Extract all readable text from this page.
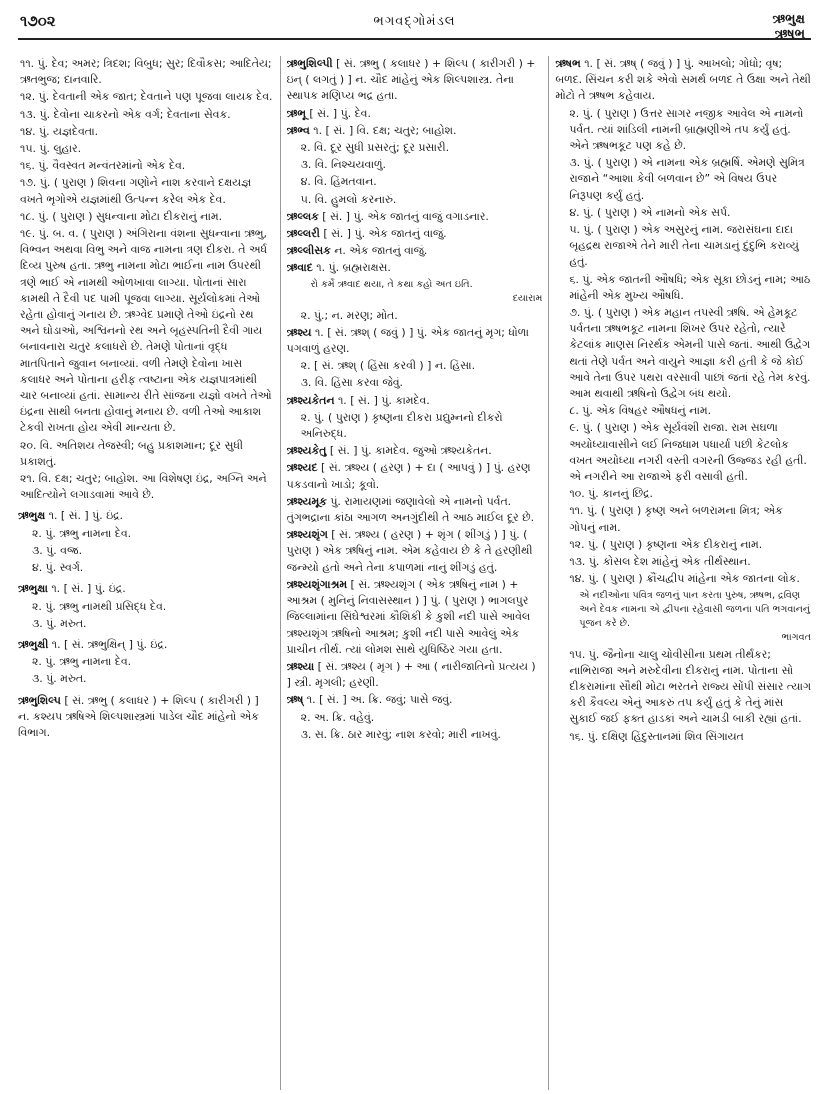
૧૭૦૨	ભગવદ્ગોમંડલ	ઋભુક્ષ
ઋષભ
૧૧. પું. દેવ; અમર; ત્રિદશ; વિબુધ; સુર; દિવૌકસ; આદિતેય; ઋતભુજ; દાનવારિ.
૧૨. પું. દેવતાની એક જાત; દેવતાને પણ પૂજવા લાયક દેવ.
૧૩. પું. દેવોના ચાકરનો એક વર્ગ; દેવતાના સેવક.
૧૪. પું. યજ્ઞદેવતા.
૧૫. પું. લુહાર.
૧૬. પું. વૈવસ્વત મન્વંતરમાંનો એક દેવ.
૧૭. પું. ( પુરાણ ) શિવના ગણોને નાશ કરવાને દક્ષયજ્ઞ વખતે ભૃગોએ યજ્ઞમાંથી ઉત્પન્ન કરેલ એક દેવ.
૧૮. પું. ( પુરાણ ) સુધન્વાના મોટા દીકરાનું નામ.
૧૯. પું. બ. વ. ( પુરાણ ) અંગિરાના વંશના સુધન્વાના ઋભુ, વિભ્વન અથવા વિભુ અને વાજ નામના ત્રણ દીકરા. તે અર્ધ દિવ્ય પુરુષ હતા. ઋભુ નામના મોટા ભાઈના નામ ઉપરથી ત્રણે ભાઈ એ નામથી ઓળખાવા લાગ્યા. પોતાનાં સારા કામથી તે દૈવી પદ પામી પૂજવા લાગ્યા. સૂર્યલોકમાં તેઓ રહેતા હોવાનું ગનાય છે. ઋગ્વેદ પ્રમાણે તેઓ ઇંદ્રનો રથ અને ઘોડાઓ, અશ્વિનનો રથ અને બૃહસ્પતિની દૈવી ગાય બનાવનારા ચતુર કલાધરો છે. તેમણે પોતાનાં વૃદ્ધ માતપિતાને જુવાન બનાવ્યાં. વળી તેમણે દેવોના ખાસ કલાધર અને પોતાના હરીફ ત્વષ્ટાના એક યજ્ઞપાત્રમાંથી ચાર બનાવ્યાં હતાં. સામાન્ય રીતે સાંજના યજ્ઞો વખતે તેઓ ઇંદ્રના સાથી બનતા હોવાનું મનાય છે. વળી તેઓ આકાશ ટેકવી રાખતા હોય એવી માન્યતા છે.
૨૦. વિ. અતિશય તેજસ્વી; બહુ પ્રકાશમાન; દૂર સુધી પ્રકાશતું.
૨૧. વિ. દક્ષ; ચતુર; બાહોશ. આ વિશેષણ ઇંદ્ર, અગ્નિ અને આદિત્યોને લગાડવામાં આવે છે.
ઋભુક્ષ ૧. [ સં. ] પું. ઇંદ્ર.
૨. પું. ઋભુ નામના દેવ.
૩. પું. વજ્ર.
૪. પું. સ્વર્ગ.
ઋભુક્ષા ૧. [ સં. ] પું. ઇંદ્ર.
૨. પું. ઋભુ નામથી પ્રસિદ્ધ દેવ.
૩. પું. મરુત.
ઋભુક્ષી ૧. [ સં. ઋભુક્ષિન્ ] પું. ઇંદ્ર.
૨. પું. ઋભુ નામના દેવ.
૩. પું. મરુત.
ઋભુશિલ્પ [ સં. ઋભુ ( કલાધર ) + શિલ્પ ( કારીગરી ) ] ન. કશ્યપ ઋષિએ શિલ્પશાસ્ત્રમાં પાડેલ ચૌદ માંહેનો એક વિભાગ.
ઋભુશિલ્પી [ સં. ઋભુ ( કલાધર ) + શિલ્પ ( કારીગરી ) + ઇન્ ( લગતું ) ] ન. ચૌદ માંહેનું એક શિલ્પશાસ્ત્ર. તેના સ્થાપક મણિપ્ય ભદ્ર હતા.
ઋભૂ [ સં. ] પું. દેવ.
ઋભ્વ ૧. [ સં. ] વિ. દક્ષ; ચતુર; બાહોશ.
૨. વિ. દૂર સુધી પ્રસરતું; દૂર પ્રસારી.
૩. વિ. નિશ્ચયવાળું.
૪. વિ. હિંમતવાન.
૫. વિ. હુમલો કરનારું.
ઋલ્લક [ સં. ] પું. એક જાતનું વાજું વગાડનાર.
ઋલ્લરી [ સં. ] પું. એક જાતનું વાજું.
ઋલ્લીસક ન. એક જાતનું વાજું.
ઋવાદ ૧. પું. બ્રહ્મરાક્ષસ.
રો કર્મે ઋવાદ થયા, તે કથા કહો અત ઇતિ.
દયારામ
૨. પું.; ન. મરણ; મોત.
ઋશ્ય ૧. [ સં. ઋશ્ ( જવું ) ] પું. એક જાતનું મૃગ; ધોળા પગવાળું હરણ.
૨. [ સં. ઋશ્ ( હિંસા કરવી ) ] ન. હિંસા.
૩. વિ. હિંસા કરવા જેવું.
ઋશ્યકેતન ૧. [ સં. ] પું. કામદેવ.
૨. પું. ( પુરાણ ) કૃષ્ણના દીકરા પ્રદ્યુમ્નનો દીકરો અનિરુદ્ધ.
ઋશ્યકેતુ [ સં. ] પું. કામદેવ. જુઓ ઋશ્યકેતન.
ઋશ્યદ [ સં. ઋશ્ય ( હરણ ) + દા ( આપવું ) ] પું. હરણ પકડવાનો ખાડો; કૂવો.
ઋશ્યમૂક પું. રામાયણમાં જણાવેલો એ નામનો પર્વત. તુંગભદ્રાના કાંઠા આગળ અનગુંદીથી તે આઠ માઈલ દૂર છે.
ઋશ્યશૃંગ [ સં. ઋશ્ય ( હરણ ) + શૃંગ ( શીંગડું ) ] પું. ( પુરાણ ) એક ઋષિનું નામ. એમ કહેવાય છે કે તે હરણીથી જન્મ્યો હતો અને તેના કપાળમાં નાનું શીંગડું હતું.
ઋશ્યશૃંગાશ્રમ [ સં. ઋશ્યશૃંગ ( એક ઋષિનું નામ ) + આશ્રમ ( મુનિનું નિવાસસ્થાન ) ] પું. ( પુરાણ ) ભાગલપુર જિલ્લામાંના સિંઘેશ્વરમાં કૌશિકી કે કુશી નદી પાસે આવેલ ઋશ્યશૃંગ ઋષિનો આશ્રમ; કુશી નદી પાસે આવેલું એક પ્રાચીન તીર્થ. ત્યાં લોમશ સાથે યુધિષ્ઠિર ગયા હતા.
ઋશ્યા [ સં. ઋશ્ય ( મૃગ ) + આ ( નારીજાતિનો પ્રત્યય ) ] સ્ત્રી. મૃગલી; હરણી.
ઋષ્ ૧. [ સં. ] અ. ક્રિ. જવું; પાસે જવું.
૨. અ. ક્રિ. વહેવું.
૩. સ. ક્રિ. ઠાર મારવું; નાશ કરવો; મારી નાખવું.
ઋષભ ૧. [ સં. ઋષ્ ( જવું ) ] પું. આખલો; ગોધો; વૃષ; બળદ. સિંચન કરી શકે એવો સમર્થ બળદ તે ઉક્ષા અને તેથી મોટો તે ઋષભ કહેવાય.
૨. પું. ( પુરાણ ) ઉત્તર સાગર નજીક આવેલ એ નામનો પર્વત. ત્યાં શાંડિલી નામની બ્રાહ્મણીએ તપ કર્યું હતું. એને ઋષભકૂટ પણ કહે છે.
૩. પું. ( પુરાણ ) એ નામના એક બ્રહ્મર્ષિ. એમણે સુમિત્ર રાજાને “આશા કેવી બળવાન છે” એ વિષય ઉપર નિરૂપણ કર્યું હતું.
૪. પું. ( પુરાણ ) એ નામનો એક સર્પ.
૫. પું. ( પુરાણ ) એક અસુરનું નામ. જરાસંઘના દાદા બૃહદ્રથ રાજાએ તેને મારી તેના ચામડાનું દુંદુભિ કરાવ્યું હતું.
૬. પું. એક જાતની ઔષધિ; એક સૂકા છોડનું નામ; આઠ માંહેની એક મુખ્ય ઔષધિ.
૭. પું. ( પુરાણ ) એક મહાન તપસ્વી ઋષિ. એ હેમકૂટ પર્વતના ઋષભકૂટ નામના શિખર ઉપર રહેતો, ત્યારે કેટલાંક માણસ નિરર્થક એમની પાસે જતાં. આથી ઉદ્વેગ થતાં તેણે પર્વત અને વાયુને આજ્ઞા કરી હતી કે જે કોઈ આવે તેના ઉપર પથરા વરસાવી પાછાં જતાં રહે તેમ કરવું. આમ થવાથી ઋષિનો ઉદ્વેગ બંધ થયો.
૮. પું. એક વિષહર ઔષધનું નામ.
૯. પું. ( પુરાણ ) એક સૂર્યવંશી રાજા. રામ સઘળા અયોધ્યાવાસીને લઈ નિજધામ પધાર્યા પછી કેટલોક વખત અયોધ્યા નગરી વસ્તી વગરની ઉજ્જડ રહી હતી. એ નગરીને આ રાજાએ ફરી વસાવી હતી.
૧૦. પું. કાનનું છિદ્ર.
૧૧. પું. ( પુરાણ ) કૃષ્ણ અને બળરામના મિત્ર; એક ગોપનું નામ.
૧૨. પું. ( પુરાણ ) કૃષ્ણના એક દીકરાનું નામ.
૧૩. પું. કોસલ દેશ માંહેનું એક તીર્થસ્થાન.
૧૪. પું. ( પુરાણ ) ક્રૌંચદ્વીપ માંહેના એક જાતના લોક.
એ નદીઓના પવિત્ર જળનું પાન કરતા પુરુષ, ઋષભ, દ્રવિણ અને દેવક નામના એ દ્વીપના રહેવાસી જળના પતિ ભગવાનનું પૂજન કરે છે.
ભાગવત
૧૫. પું. જૈનોના ચાલુ ચોવીસીના પ્રથમ તીર્થંકર; નાભિરાજા અને મરુદેવીના દીકરાનું નામ. પોતાના સો દીકરામાંના સૌથી મોટા ભરતને રાજ્ય સોંપી સંસાર ત્યાગ કરી કૈવલ્ય એનું આકરું તપ કર્યું હતું કે તેનું માંસ સુકાઈ જઈ ફક્ત હાડકાં અને ચામડી બાકી રહ્યાં હતાં.
૧૬. પું. દક્ષિણ હિંદુસ્તાનમાં શિવ સિંગાયત
